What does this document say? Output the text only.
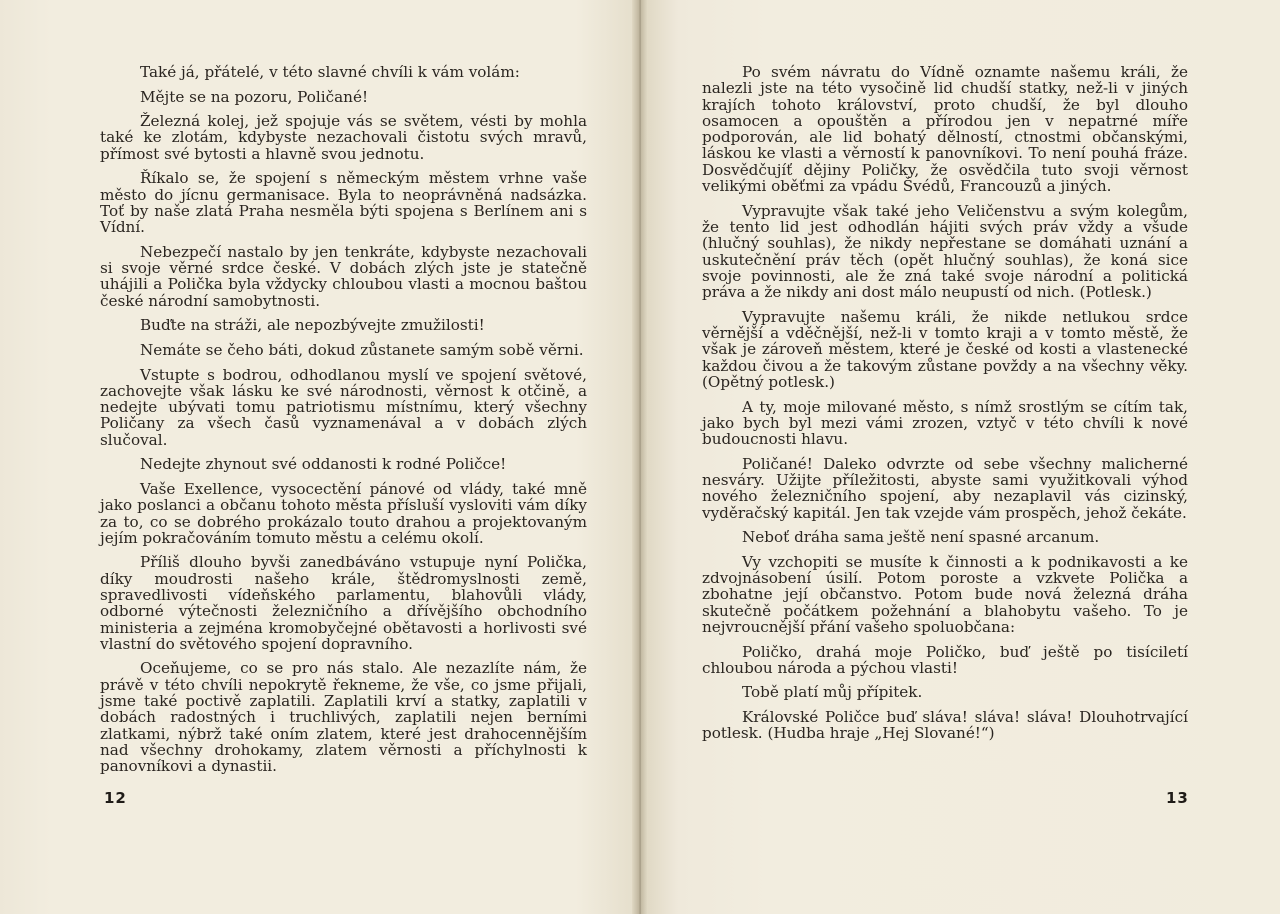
Také já, přátelé, v této slavné chvíli k vám volám:

Mějte se na pozoru, Poličané!

Železná kolej, jež spojuje vás se světem, vésti by mohla také ke zlotám, kdybyste nezachovali čistotu svých mravů, přímost své bytosti a hlavně svou jednotu.

Říkalo se, že spojení s německým městem vrhne vaše město do jícnu germanisace. Byla to neoprávněná nadsázka. Toť by naše zlatá Praha nesměla býti spojena s Berlínem ani s Vídní.

Nebezpečí nastalo by jen tenkráte, kdybyste nezachovali si svoje věrné srdce české. V dobách zlých jste je statečně uhájili a Polička byla vždycky chloubou vlasti a mocnou baštou české národní samobytnosti.

Buďte na stráži, ale nepozbývejte zmužilosti!

Nemáte se čeho báti, dokud zůstanete samým sobě věrni.

Vstupte s bodrou, odhodlanou myslí ve spojení světové, zachovejte však lásku ke své národnosti, věrnost k otčině, a nedejte ubývati tomu patriotismu místnímu, který všechny Poličany za všech časů vyznamenával a v dobách zlých slučoval.

Nedejte zhynout své oddanosti k rodné Poličce!

Vaše Exellence, vysocectění pánové od vlády, také mně jako poslanci a občanu tohoto města přísluší vysloviti vám díky za to, co se dobrého prokázalo touto drahou a projektovaným jejím pokračováním tomuto městu a celému okolí.

Příliš dlouho byvši zanedbáváno vstupuje nyní Polička, díky moudrosti našeho krále, štědromyslnosti země, spravedlivosti vídeňského parlamentu, blahovůli vlády, odborné výtečnosti železničního a dřívějšího obchodního ministeria a zejména kromobyčejné obětavosti a horlivosti své vlastní do světového spojení dopravního.

Oceňujeme, co se pro nás stalo. Ale nezazlíte nám, že právě v této chvíli nepokrytě řekneme, že vše, co jsme přijali, jsme také poctivě zaplatili. Zaplatili krví a statky, zaplatili v dobách radostných i truchlivých, zaplatili nejen berními zlatkami, nýbrž také oním zlatem, které jest drahocennějším nad všechny drohokamy, zlatem věrnosti a příchylnosti k panovníkovi a dynastii.

12

Po svém návratu do Vídně oznamte našemu králi, že nalezli jste na této vysočině lid chudší statky, než-li v jiných krajích tohoto království, proto chudší, že byl dlouho osamocen a opouštěn a přírodou jen v nepatrné míře podporován, ale lid bohatý dělností, ctnostmi občanskými, láskou ke vlasti a věrností k panovníkovi. To není pouhá fráze. Dosvědčujíť dějiny Poličky, že osvědčila tuto svoji věrnost velikými oběťmi za vpádu Švédů, Francouzů a jiných.

Vypravujte však také jeho Veličenstvu a svým kolegům, že tento lid jest odhodlán hájiti svých práv vždy a všude (hlučný souhlas), že nikdy nepřestane se domáhati uznání a uskutečnění práv těch (opět hlučný souhlas), že koná sice svoje povinnosti, ale že zná také svoje národní a politická práva a že nikdy ani dost málo neupustí od nich. (Potlesk.)

Vypravujte našemu králi, že nikde netlukou srdce věrnější a vděčnější, než-li v tomto kraji a v tomto městě, že však je zároveň městem, které je české od kosti a vlastenecké každou čivou a že takovým zůstane povždy a na všechny věky. (Opětný potlesk.)

A ty, moje milované město, s nímž srostlým se cítím tak, jako bych byl mezi vámi zrozen, vztyč v této chvíli k nové budoucnosti hlavu.

Poličané! Daleko odvrzte od sebe všechny malicherné nesváry. Užijte příležitosti, abyste sami využitkovali výhod nového železničního spojení, aby nezaplavil vás cizinský, vyděračský kapitál. Jen tak vzejde vám prospěch, jehož čekáte.

Neboť dráha sama ještě není spasné arcanum.

Vy vzchopiti se musíte k činnosti a k podnikavosti a ke zdvojnásobení úsilí. Potom poroste a vzkvete Polička a zbohatne její občanstvo. Potom bude nová železná dráha skutečně počátkem požehnání a blahobytu vašeho. To je nejvroucnější přání vašeho spoluobčana:

Poličko, drahá moje Poličko, buď ještě po tisíciletí chloubou národa a pýchou vlasti!

Tobě platí můj přípitek.

Královské Poličce buď sláva! sláva! sláva! Dlouhotrvající potlesk. (Hudba hraje „Hej Slované!“)

13
